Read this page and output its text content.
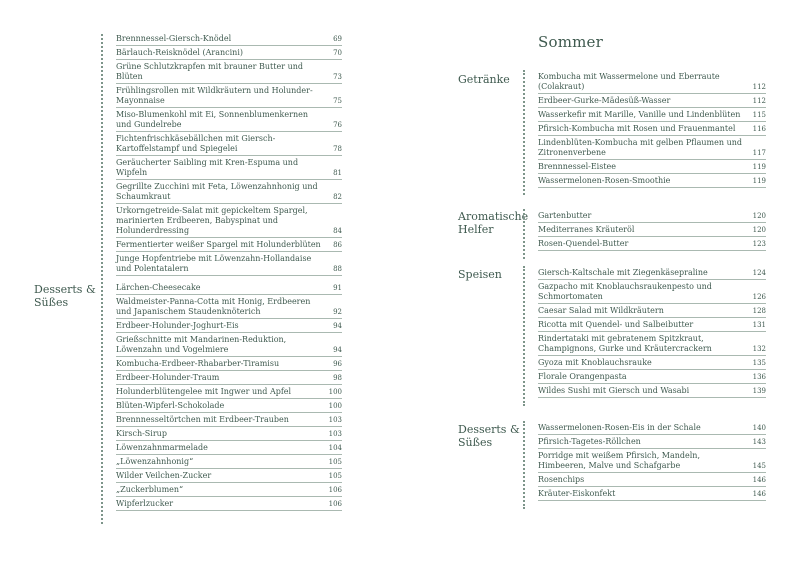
Brennnessel-Giersch-Knödel	69
Bärlauch-Reisknödel (Arancini)	70
Grüne Schlutzkrapfen mit brauner Butter und Blüten	73
Frühlingsrollen mit Wildkräutern und Holunder-Mayonnaise	75
Miso-Blumenkohl mit Ei, Sonnenblumenkernen und Gundelrebe	76
Fichtenfrischkäsebällchen mit Giersch-Kartoffelstampf und Spiegelei	78
Geräucherter Saibling mit Kren-Espuma und Wipfeln	81
Gegrillte Zucchini mit Feta, Löwenzahnhonig und Schaumkraut	82
Urkorngetreide-Salat mit gepickeltem Spargel, marinierten Erdbeeren, Babyspinat und Holunderdressing	84
Fermentierter weißer Spargel mit Holunderblüten	86
Junge Hopfentriebe mit Löwenzahn-Hollandaise und Polentatalern	88
Desserts & Süßes
Lärchen-Cheesecake	91
Waldmeister-Panna-Cotta mit Honig, Erdbeeren und Japanischem Staudenknöterich	92
Erdbeer-Holunder-Joghurt-Eis	94
Grießschnitte mit Mandarinen-Reduktion, Löwenzahn und Vogelmiere	94
Kombucha-Erdbeer-Rhabarber-Tiramisu	96
Erdbeer-Holunder-Traum	98
Holunderblütengelee mit Ingwer und Apfel	100
Blüten-Wipferl-Schokolade	100
Brennnesseltörtchen mit Erdbeer-Trauben	103
Kirsch-Sirup	103
Löwenzahnmarmelade	104
„Löwenzahnhonig“	105
Wilder Veilchen-Zucker	105
„Zuckerblumen“	106
Wipferlzucker	106
Sommer
Getränke	Kombucha mit Wassermelone und Eberraute (Colakraut)	112
Erdbeer-Gurke-Mädesüß-Wasser	112
Wasserkefir mit Marille, Vanille und Lindenblüten	115
Pfirsich-Kombucha mit Rosen und Frauenmantel	116
Lindenblüten-Kombucha mit gelben Pflaumen und Zitronenverbene	117
Brennnessel-Eistee	119
Wassermelonen-Rosen-Smoothie	119
Aromatische Helfer
Gartenbutter	120
Mediterranes Kräuteröl	120
Rosen-Quendel-Butter	123
Speisen	Giersch-Kaltschale mit Ziegenkäsepraline	124
Gazpacho mit Knoblauchsraukenpesto und Schmortomaten	126
Caesar Salad mit Wildkräutern	128
Ricotta mit Quendel- und Salbeibutter	131
Rindertataki mit gebratenem Spitzkraut, Champignons, Gurke und Kräutercrackern	132
Gyoza mit Knoblauchsrauke	135
Florale Orangenpasta	136
Wildes Sushi mit Giersch und Wasabi	139
Desserts & Süßes
Wassermelonen-Rosen-Eis in der Schale	140
Pfirsich-Tagetes-Röllchen	143
Porridge mit weißem Pfirsich, Mandeln, Himbeeren, Malve und Schafgarbe	145
Rosenchips	146
Kräuter-Eiskonfekt	146
